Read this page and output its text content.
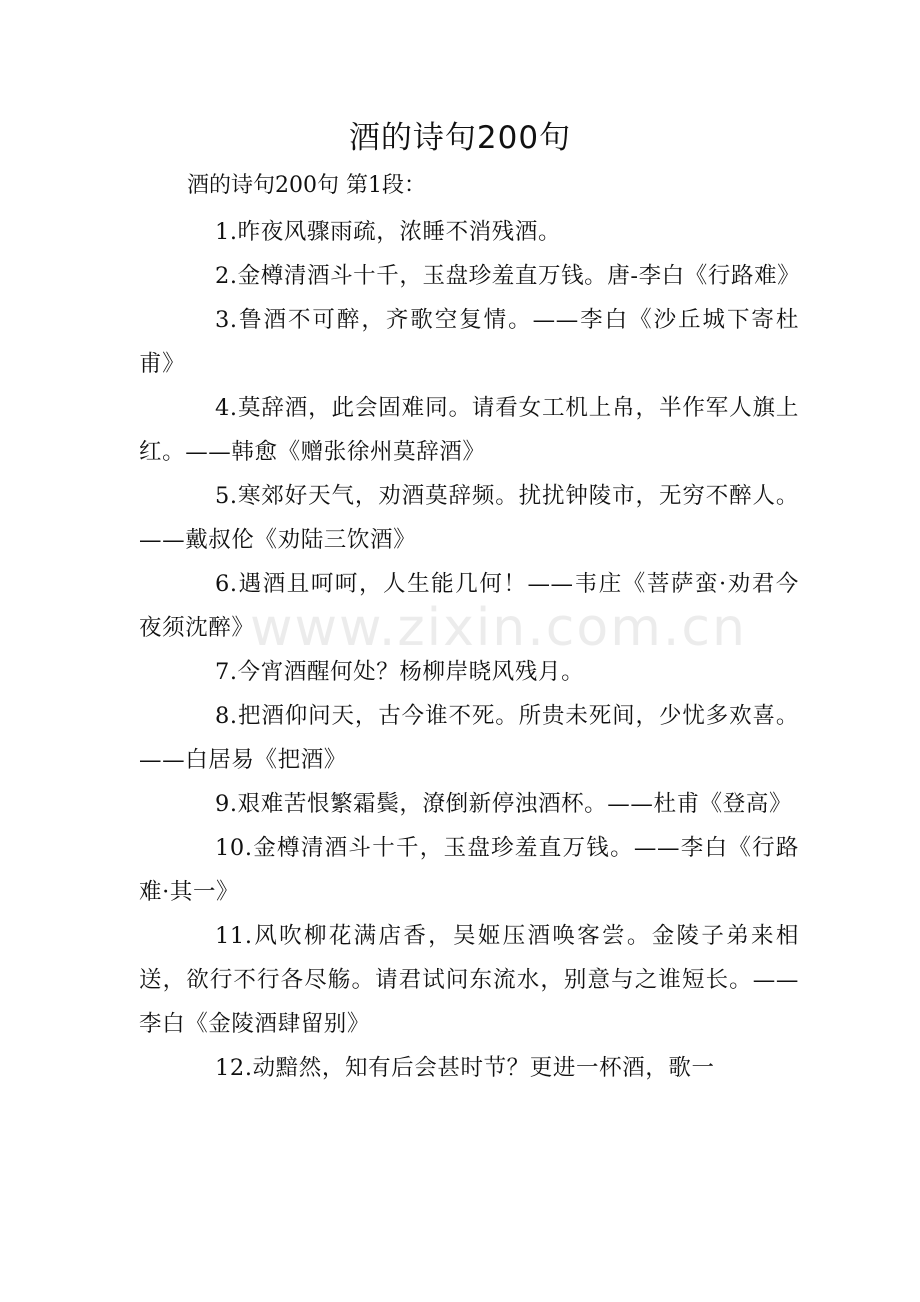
酒的诗句200句
酒的诗句200句 第1段：

1.昨夜风骤雨疏，浓睡不消残酒。

2.金樽清酒斗十千，玉盘珍羞直万钱。唐-李白《行路难》

3.鲁酒不可醉，齐歌空复情。——李白《沙丘城下寄杜甫》

4.莫辞酒，此会固难同。请看女工机上帛，半作军人旗上红。——韩愈《赠张徐州莫辞酒》

5.寒郊好天气，劝酒莫辞频。扰扰钟陵市，无穷不醉人。——戴叔伦《劝陆三饮酒》

6.遇酒且呵呵，人生能几何！——韦庄《菩萨蛮·劝君今夜须沈醉》

7.今宵酒醒何处？杨柳岸晓风残月。

8.把酒仰问天，古今谁不死。所贵未死间，少忧多欢喜。——白居易《把酒》

9.艰难苦恨繁霜鬓，潦倒新停浊酒杯。——杜甫《登高》

10.金樽清酒斗十千，玉盘珍羞直万钱。——李白《行路难·其一》

11.风吹柳花满店香，吴姬压酒唤客尝。金陵子弟来相送，欲行不行各尽觞。请君试问东流水，别意与之谁短长。——李白《金陵酒肆留别》

12.动黯然，知有后会甚时节？更进一杯酒，歌一

www.zixin.com.cn
